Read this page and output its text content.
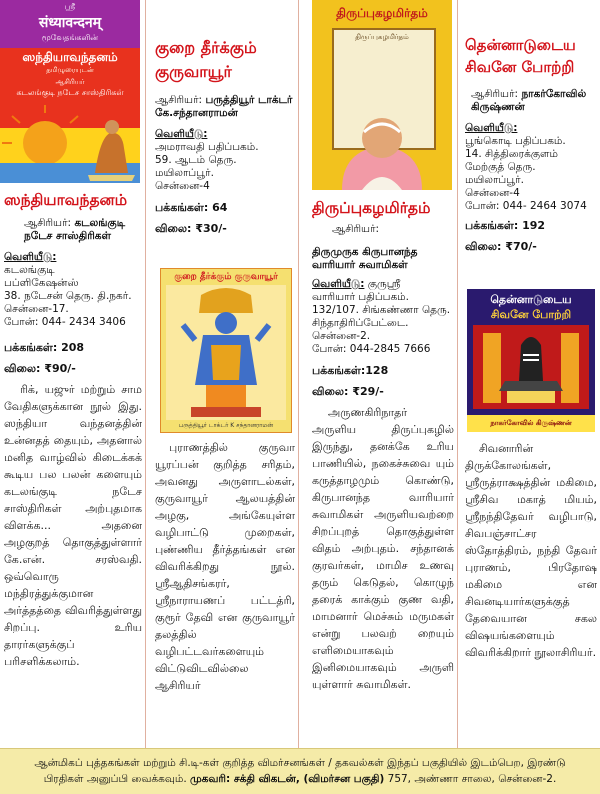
ஸ்ரீ
संध्यावन्दनम्
மூவேதங்களின்
ஸந்தியாவந்தனம்
தமிழுரையுடன்
ஆசிரியர்
கடலங்குடி நடேச சாஸ்திரிகள்

ஸந்தியாவந்தனம்

ஆசிரியர்: கடலங்குடி நடேச சாஸ்திரிகள்
வெளியீடு:
கடலங்குடி
பப்ளிகேஷன்ஸ்
38. நடேசன் தெரு. தி.நகர்.
சென்னை-17.
போன்: 044- 2434 3406
பக்கங்கள்: 208
விலை: ₹90/-
ரிக், யஜுர் மற்றும் சாம வேதிகளுக்கான நூல் இது. ஸந்தியா வந்தனத்தின் உன்னதத் தையும், அதனால் மனித வாழ்வில் கிடைக்கக் கூடிய பல பலன் களையும் கடலங்குடி நடேச சாஸ்திரிகள் அற்புதமாக விளக்க... அதனை அழகுறத் தொகுத்துள்ளார் கே.என். சரஸ்வதி. ஒவ்வொரு மந்திரத்துக்குமான அர்த்தத்தை விவரித்துள்ளது சிறப்பு. உரிய தாரர்களுக்குப் பரிசளிக்கலாம்.

குறை தீர்க்கும்

குருவாயூர்

ஆசிரியர்: பருத்தியூர் டாக்டர் கே.சந்தானராமன்
வெளியீடு:
அமராவதி பதிப்பகம்.
59. ஆடம் தெரு.
மயிலாப்பூர்.
சென்னை-4
பக்கங்கள்: 64
விலை: ₹30/-
குறை தீர்க்கும் குருவாயூர்
பருத்தியூர் டாக்டர் K சந்தானராமன்
புராணத்தில் குருவா யூரப்பன் குறித்த சரிதம், அவனது அருளாடல்கள், குருவாயூர் ஆலயத்தின் அழகு, அங்கேயுள்ள வழிபாட்டு முறைகள், புண்ணிய தீர்த்தங்கள் என விவரிக்கிறது நூல். ஸ்ரீஆதிசங்கரர், ஸ்ரீநாராயணப் பட்டத்ரி, குரூர் தேவி என குருவாயூர் தலத்தில் வழிபட்டவர்களையும் விட்டுவிடவில்லை ஆசிரியர்
திருப்புகழமிர்தம்
திருப்புகழமிர்தம்

திருப்புகழமிர்தம்

ஆசிரியர்:
திருமுருக கிருபானந்த வாரியார் சுவாமிகள்
வெளியீடு: குருஸ்ரீ
வாரியார் பதிப்பகம்.
132/107. சிங்கண்ணா தெரு.
சிந்தாதிரிப்பேட்டை.
சென்னை-2.
போன்: 044-2845 7666
பக்கங்கள்:128
விலை: ₹29/-
அருணகிரிநாதர் அருளிய திருப்புகழில் இருந்து, தனக்கே உரிய பாணியில், நகைச்சுவை யும் கருத்தாழமும் கொண்டு, கிருபானந்த வாரியார் சுவாமிகள் அருளியவற்றை சிறப்புறத் தொகுத்துள்ள விதம் அற்புதம். சந்தானக் குரவர்கள், மாமிச உணவு தரும் கெடுதல், கொழுந் தரைக் காக்கும் குண வதி, மாமனார் மெச்சும் மருமகள் என்று பலவற் றையும் எளிமையாகவும் இனிமையாகவும் அருளி யுள்ளார் சுவாமிகள்.

தென்னாடுடைய

சிவனே போற்றி

ஆசிரியர்: நாகர்கோவில் கிருஷ்ணன்
வெளியீடு:
பூங்கொடி பதிப்பகம்.
14. சித்திரைக்குளம்
மேற்குத் தெரு.
மயிலாப்பூர்.
சென்னை-4
போன்: 044- 2464 3074
பக்கங்கள்: 192
விலை: ₹70/-
தென்னாடுடைய
சிவனே போற்றி
நாகர்கோவில் கிருஷ்ணன்
சிவனாரின் திருக்கோலங்கள், ஸ்ரீருத்ராக்ஷத்தின் மகிமை, ஸ்ரீசிவ மகாத் மியம், ஸ்ரீநந்திதேவர் வழிபாடு, சிவபஞ்சாட்சர ஸ்தோத்திரம், நந்தி தேவர் புராணம், பிரதோஷ மகிமை என சிவனடியார்களுக்குத் தேவையான சகல விஷயங்களையும் விவரிக்கிறார் நூலாசிரியர்.

ஆன்மிகப் புத்தகங்கள் மற்றும் சி.டி-கள் குறித்த விமர்சனங்கள் / தகவல்கள் இந்தப் பகுதியில் இடம்பெற, இரண்டு
பிரதிகள் அனுப்பி வைக்கவும். முகவரி: சக்தி விகடன், (விமர்சன பகுதி) 757, அண்ணா சாலை, சென்னை-2.
